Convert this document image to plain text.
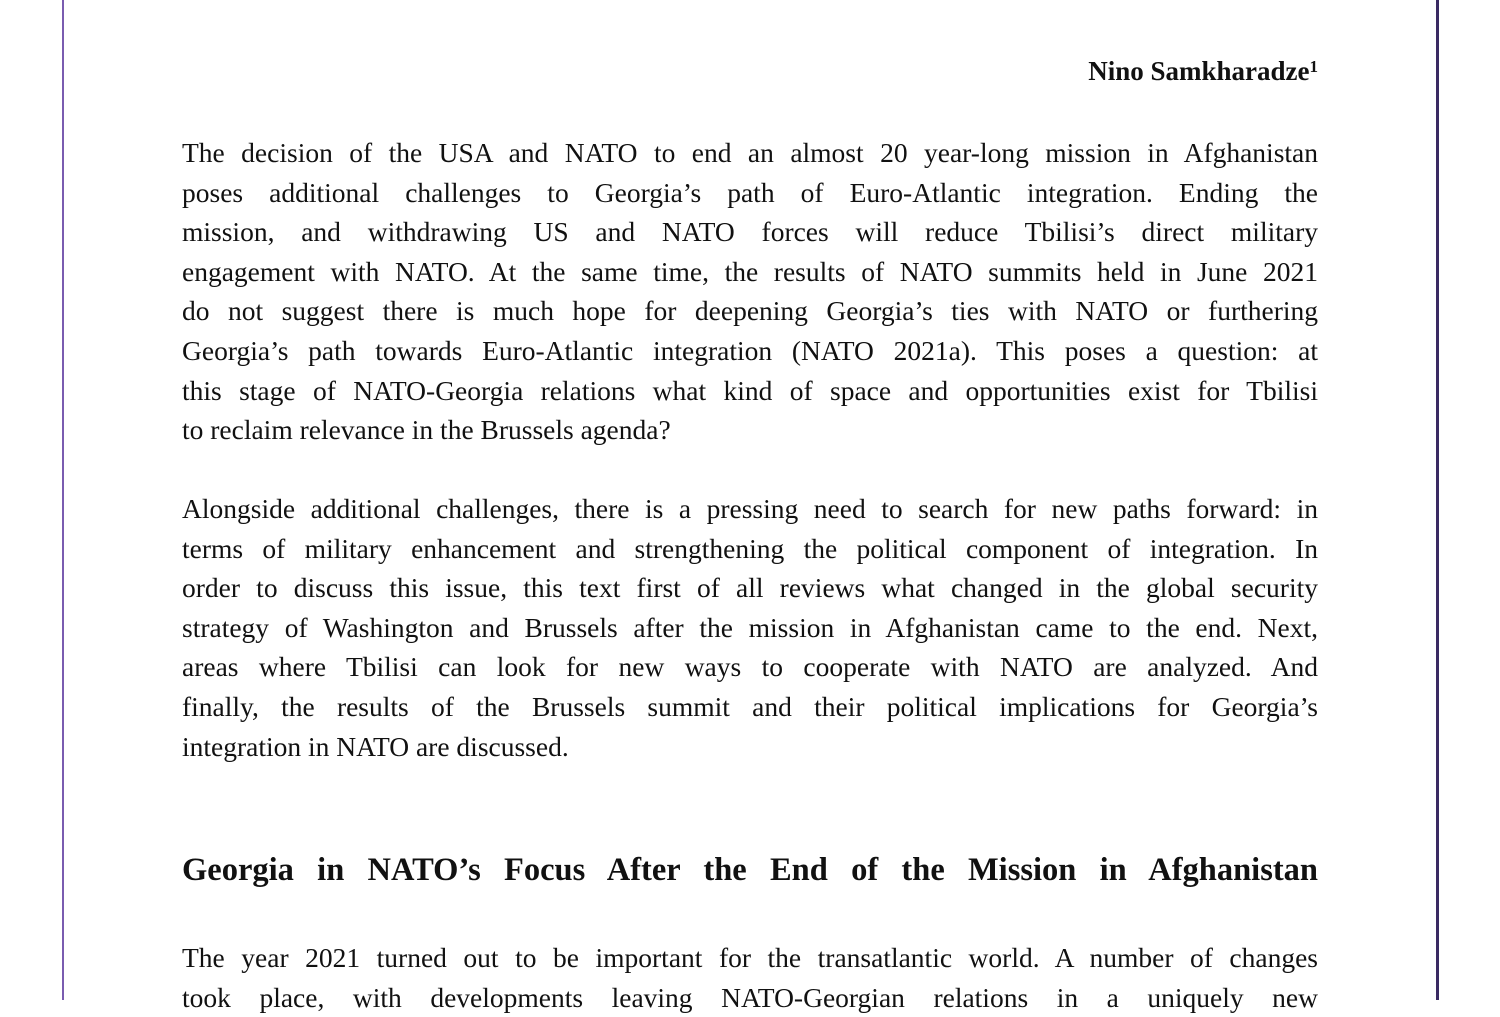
Nino Samkharadze$^1$
The decision of the USA and NATO to end an almost 20 year-long mission in Afghanistan
poses additional challenges to Georgia’s path of Euro-Atlantic integration. Ending the
mission, and withdrawing US and NATO forces will reduce Tbilisi’s direct military
engagement with NATO. At the same time, the results of NATO summits held in June 2021
do not suggest there is much hope for deepening Georgia’s ties with NATO or furthering
Georgia’s path towards Euro-Atlantic integration (NATO 2021a). This poses a question: at
this stage of NATO-Georgia relations what kind of space and opportunities exist for Tbilisi
to reclaim relevance in the Brussels agenda?
Alongside additional challenges, there is a pressing need to search for new paths forward: in
terms of military enhancement and strengthening the political component of integration. In
order to discuss this issue, this text first of all reviews what changed in the global security
strategy of Washington and Brussels after the mission in Afghanistan came to the end. Next,
areas where Tbilisi can look for new ways to cooperate with NATO are analyzed. And
finally, the results of the Brussels summit and their political implications for Georgia’s
integration in NATO are discussed.
Georgia in NATO’s Focus After the End of the Mission in Afghanistan
The year 2021 turned out to be important for the transatlantic world. A number of changes
took place, with developments leaving NATO-Georgian relations in a uniquely new
